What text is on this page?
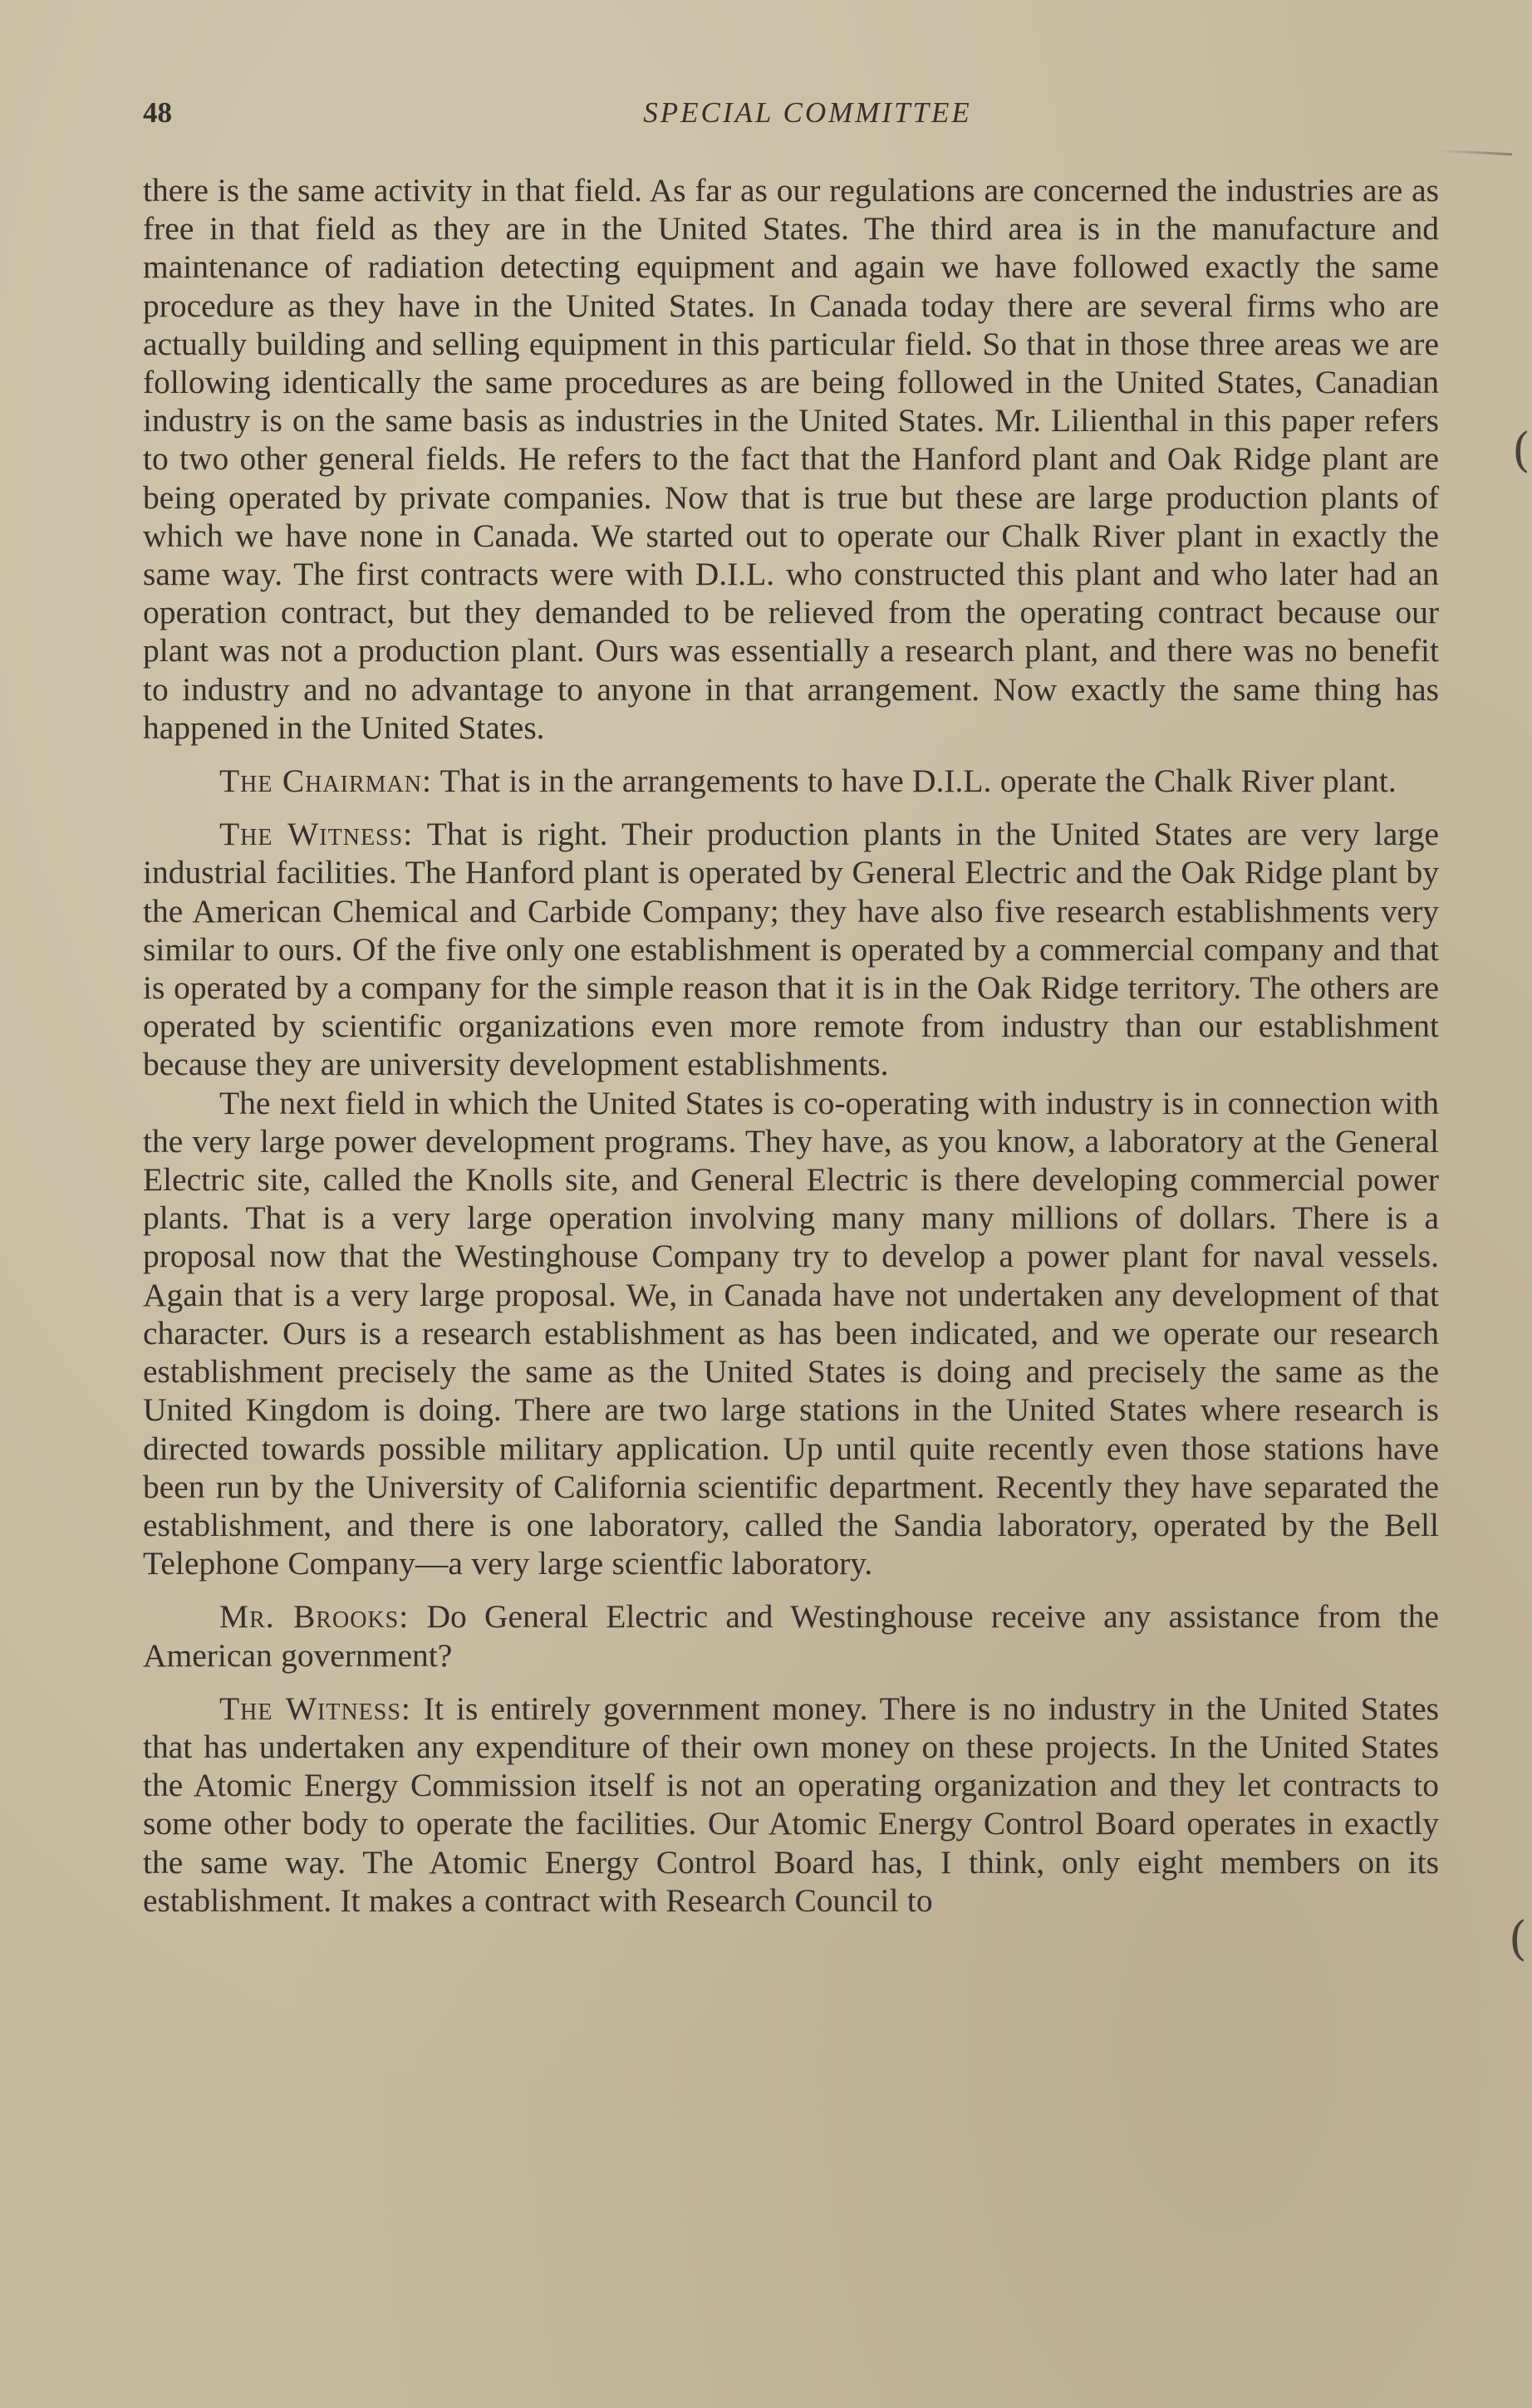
48	SPECIAL COMMITTEE

there is the same activity in that field. As far as our regulations are concerned the industries are as free in that field as they are in the United States. The third area is in the manufacture and maintenance of radiation detecting equipment and again we have followed exactly the same procedure as they have in the United States. In Canada today there are several firms who are actually building and selling equipment in this particular field. So that in those three areas we are following identically the same procedures as are being followed in the United States, Canadian industry is on the same basis as industries in the United States. Mr. Lilienthal in this paper refers to two other general fields. He refers to the fact that the Hanford plant and Oak Ridge plant are being operated by private companies. Now that is true but these are large production plants of which we have none in Canada. We started out to operate our Chalk River plant in exactly the same way. The first contracts were with D.I.L. who constructed this plant and who later had an operation contract, but they demanded to be relieved from the operating contract because our plant was not a production plant. Ours was essentially a research plant, and there was no benefit to industry and no advantage to anyone in that arrangement. Now exactly the same thing has happened in the United States.

The Chairman: That is in the arrangements to have D.I.L. operate the Chalk River plant.

The Witness: That is right. Their production plants in the United States are very large industrial facilities. The Hanford plant is operated by General Electric and the Oak Ridge plant by the American Chemical and Carbide Company; they have also five research establishments very similar to ours. Of the five only one establishment is operated by a commercial company and that is operated by a company for the simple reason that it is in the Oak Ridge territory. The others are operated by scientific organizations even more remote from industry than our establishment because they are university development establishments.

The next field in which the United States is co-operating with industry is in connection with the very large power development programs. They have, as you know, a laboratory at the General Electric site, called the Knolls site, and General Electric is there developing commercial power plants. That is a very large operation involving many many millions of dollars. There is a proposal now that the Westinghouse Company try to develop a power plant for naval vessels. Again that is a very large proposal. We, in Canada have not undertaken any development of that character. Ours is a research establishment as has been indicated, and we operate our research establishment precisely the same as the United States is doing and precisely the same as the United Kingdom is doing. There are two large stations in the United States where research is directed towards possible military application. Up until quite recently even those stations have been run by the University of California scientific department. Recently they have separated the establishment, and there is one laboratory, called the Sandia laboratory, operated by the Bell Telephone Company—a very large scientfic laboratory.

Mr. Brooks: Do General Electric and Westinghouse receive any assistance from the American government?

The Witness: It is entirely government money. There is no industry in the United States that has undertaken any expenditure of their own money on these projects. In the United States the Atomic Energy Commission itself is not an operating organization and they let contracts to some other body to operate the facilities. Our Atomic Energy Control Board operates in exactly the same way. The Atomic Energy Control Board has, I think, only eight members on its establishment. It makes a contract with Research Council to

(
(
